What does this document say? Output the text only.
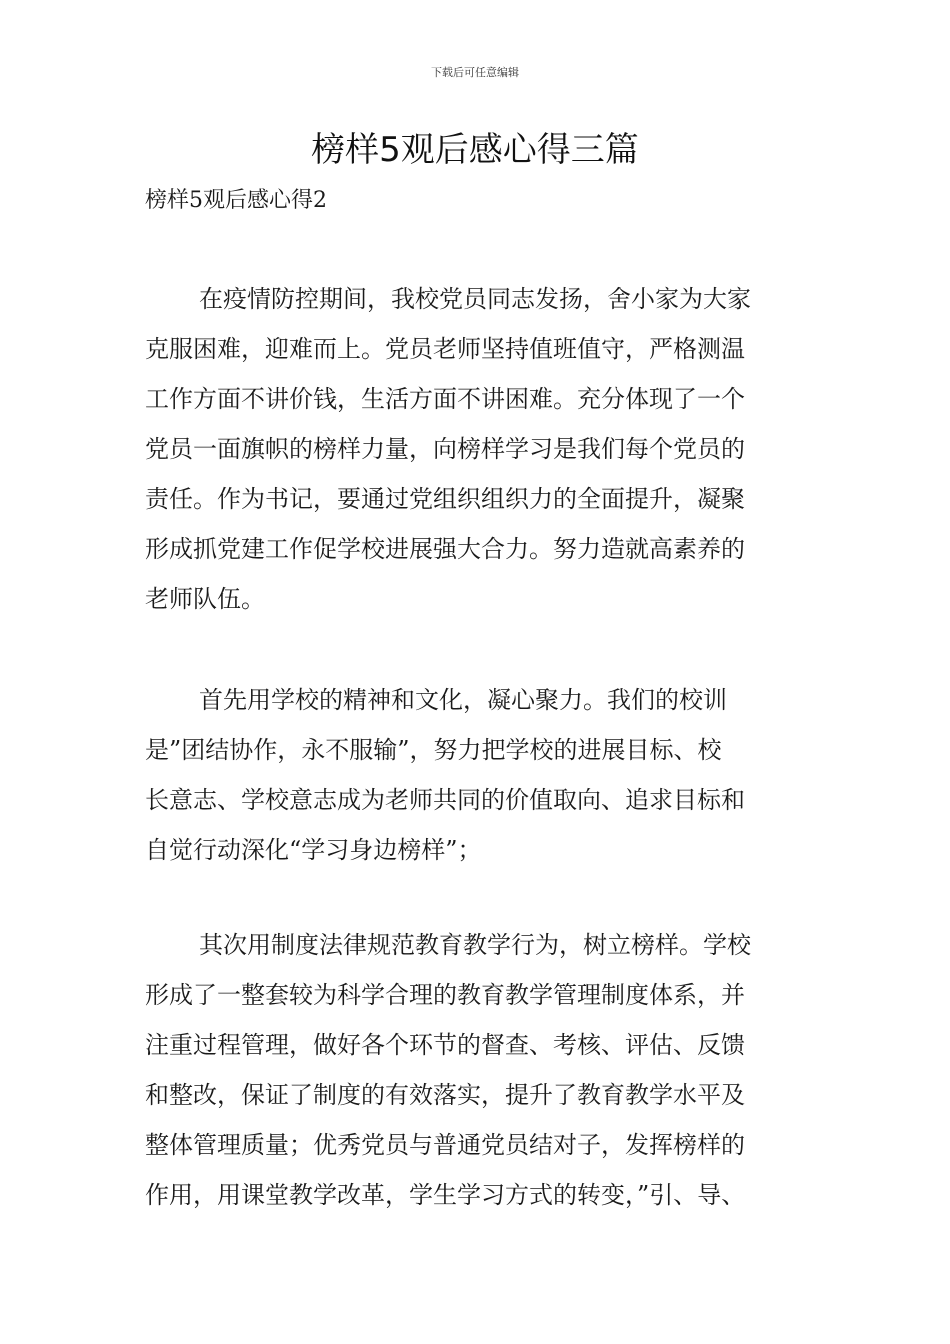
下载后可任意编辑
榜样5观后感心得三篇
榜样5观后感心得2
在疫情防控期间，我校党员同志发扬，舍小家为大家
克服困难，迎难而上。党员老师坚持值班值守，严格测温
工作方面不讲价钱，生活方面不讲困难。充分体现了一个
党员一面旗帜的榜样力量，向榜样学习是我们每个党员的
责任。作为书记，要通过党组织组织力的全面提升，凝聚
形成抓党建工作促学校进展强大合力。努力造就高素养的
老师队伍。
首先用学校的精神和文化，凝心聚力。我们的校训
是”团结协作，永不服输”，努力把学校的进展目标、校
长意志、学校意志成为老师共同的价值取向、追求目标和
自觉行动深化“学习身边榜样”；
其次用制度法律规范教育教学行为，树立榜样。学校
形成了一整套较为科学合理的教育教学管理制度体系，并
注重过程管理，做好各个环节的督查、考核、评估、反馈
和整改，保证了制度的有效落实，提升了教育教学水平及
整体管理质量；优秀党员与普通党员结对子，发挥榜样的
作用，用课堂教学改革，学生学习方式的转变，”引、导、
